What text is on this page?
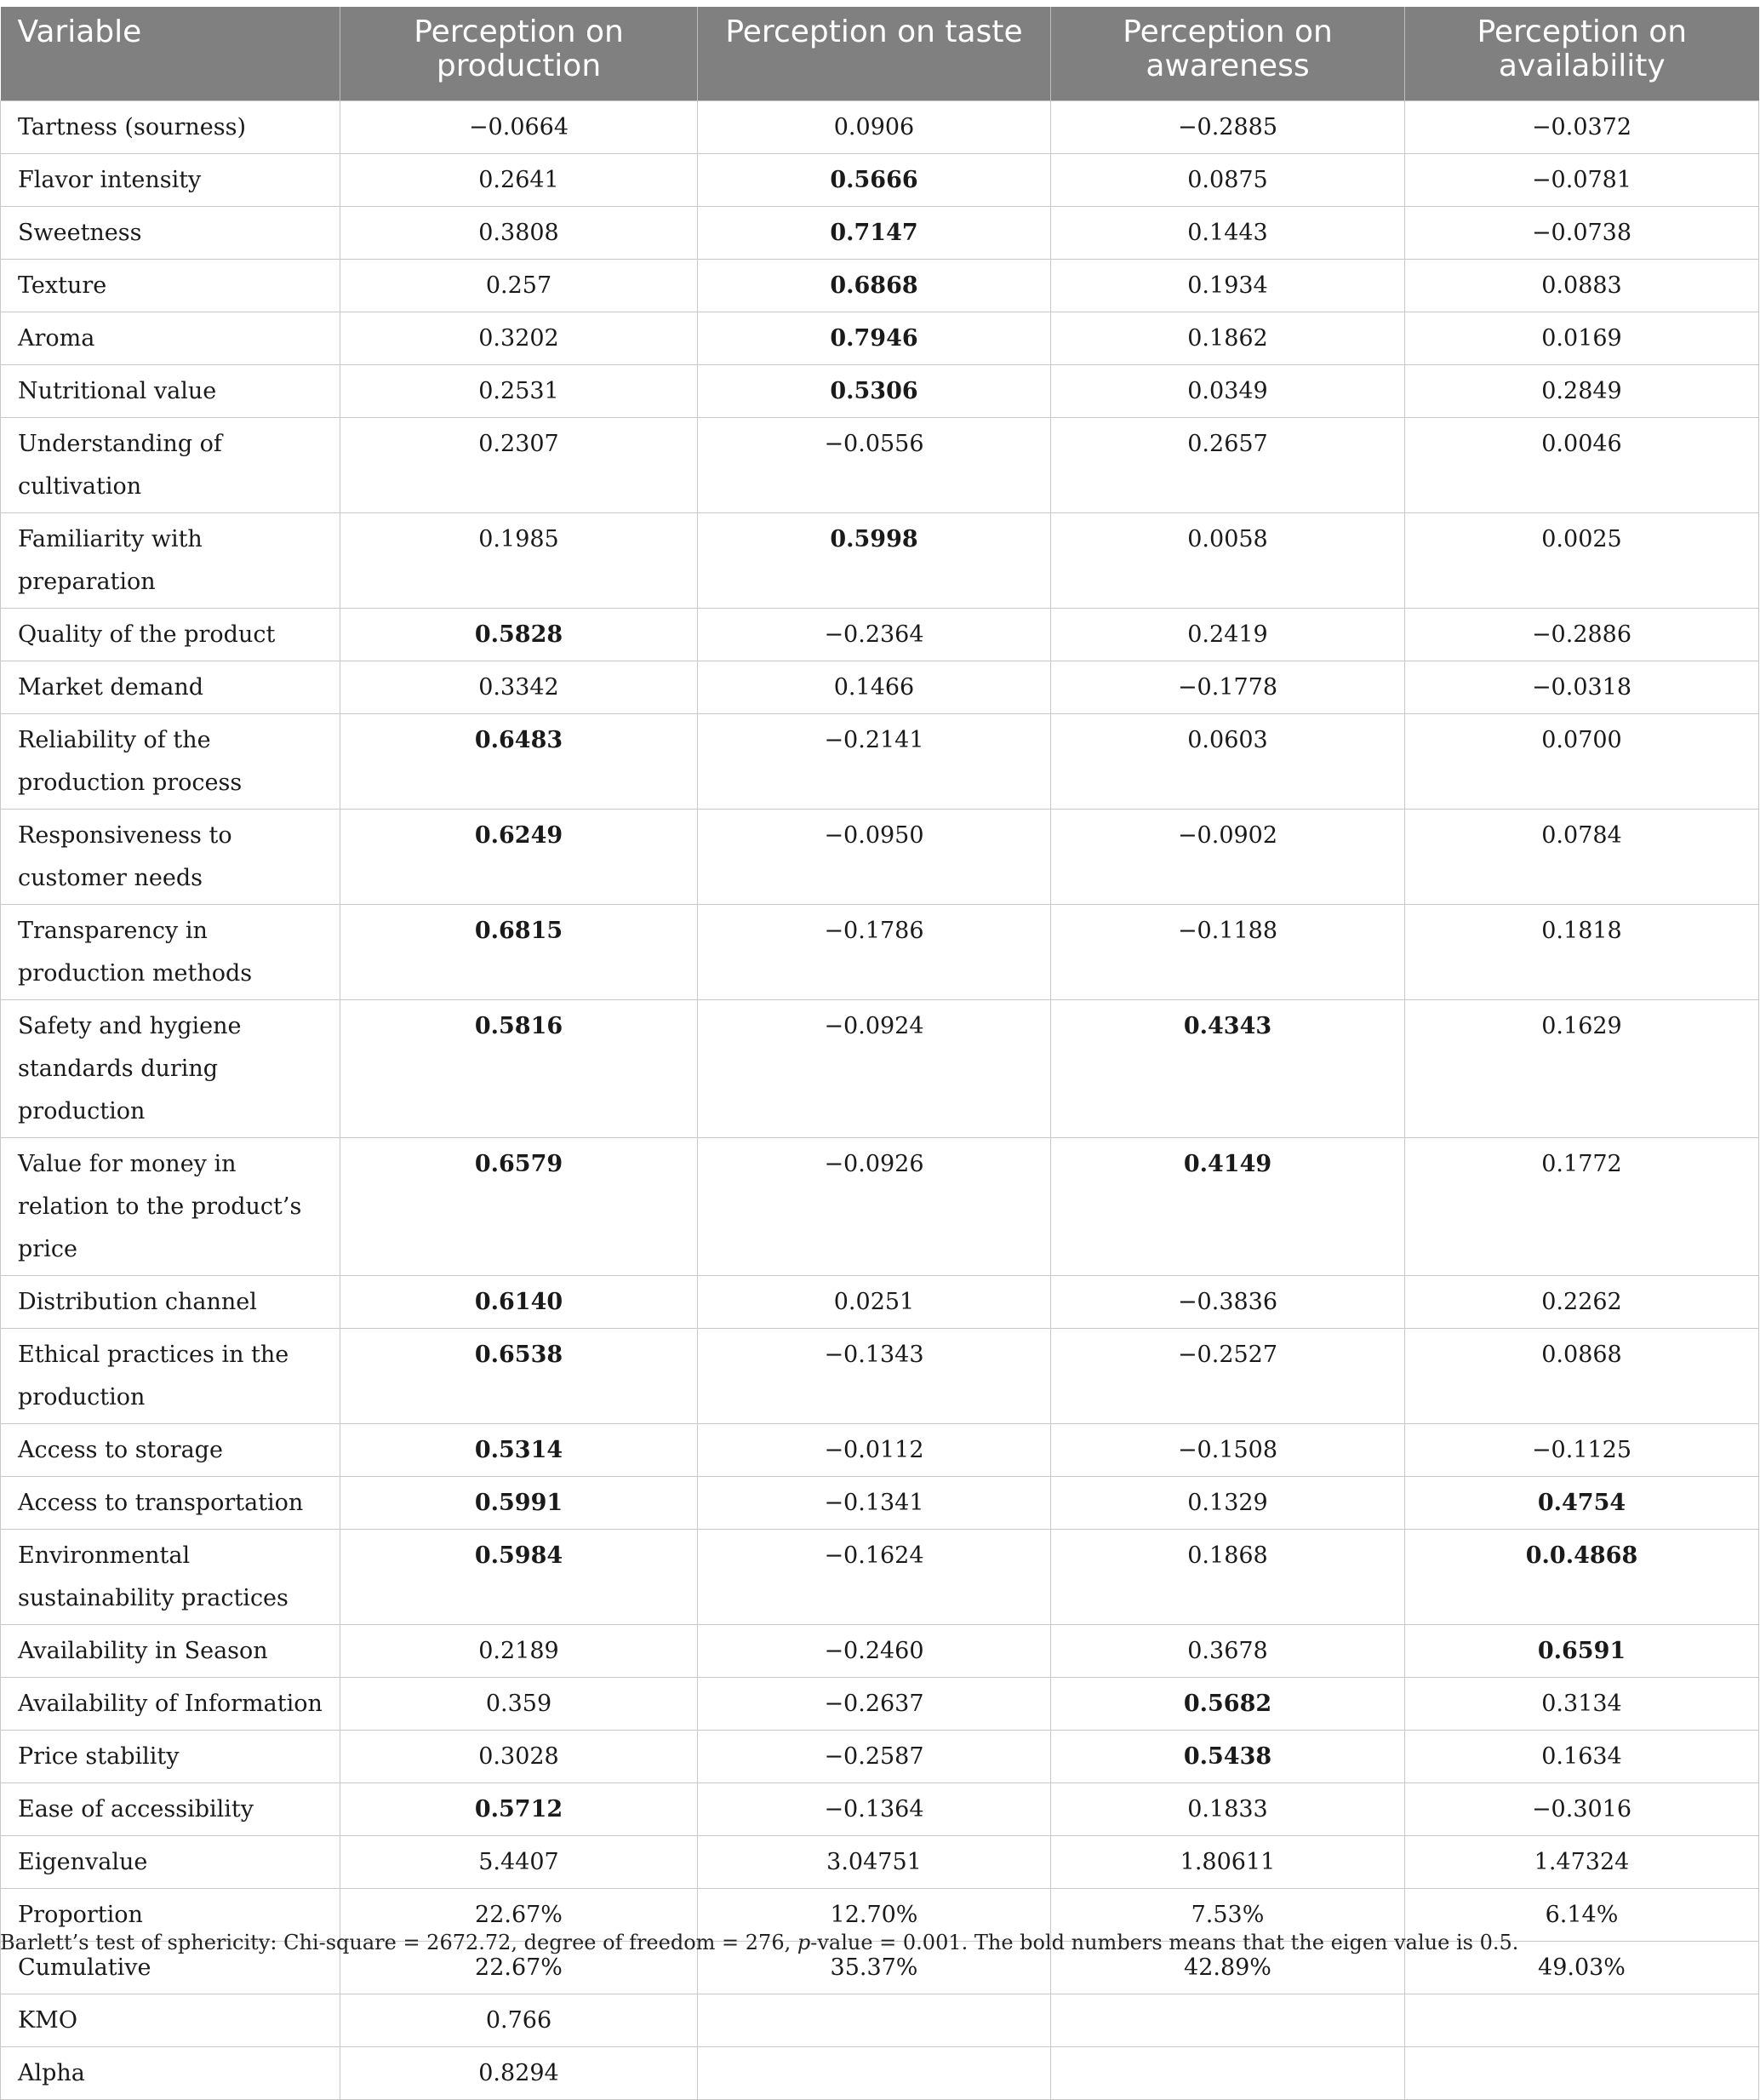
Variable	Perception on production	Perception on taste	Perception on awareness	Perception on availability
Tartness (sourness)	−0.0664	0.0906	−0.2885	−0.0372
Flavor intensity	0.2641	0.5666	0.0875	−0.0781
Sweetness	0.3808	0.7147	0.1443	−0.0738
Texture	0.257	0.6868	0.1934	0.0883
Aroma	0.3202	0.7946	0.1862	0.0169
Nutritional value	0.2531	0.5306	0.0349	0.2849
Understanding of cultivation	0.2307	−0.0556	0.2657	0.0046
Familiarity with preparation	0.1985	0.5998	0.0058	0.0025
Quality of the product	0.5828	−0.2364	0.2419	−0.2886
Market demand	0.3342	0.1466	−0.1778	−0.0318
Reliability of the production process	0.6483	−0.2141	0.0603	0.0700
Responsiveness to customer needs	0.6249	−0.0950	−0.0902	0.0784
Transparency in production methods	0.6815	−0.1786	−0.1188	0.1818
Safety and hygiene standards during production	0.5816	−0.0924	0.4343	0.1629
Value for money in relation to the product’s price	0.6579	−0.0926	0.4149	0.1772
Distribution channel	0.6140	0.0251	−0.3836	0.2262
Ethical practices in the production	0.6538	−0.1343	−0.2527	0.0868
Access to storage	0.5314	−0.0112	−0.1508	−0.1125
Access to transportation	0.5991	−0.1341	0.1329	0.4754
Environmental sustainability practices	0.5984	−0.1624	0.1868	0.0.4868
Availability in Season	0.2189	−0.2460	0.3678	0.6591
Availability of Information	0.359	−0.2637	0.5682	0.3134
Price stability	0.3028	−0.2587	0.5438	0.1634
Ease of accessibility	0.5712	−0.1364	0.1833	−0.3016
Eigenvalue	5.4407	3.04751	1.80611	1.47324
Proportion	22.67%	12.70%	7.53%	6.14%
Cumulative	22.67%	35.37%	42.89%	49.03%
KMO	0.766			
Alpha	0.8294			
Barlett’s test of sphericity: Chi-square = 2672.72, degree of freedom = 276, p-value = 0.001. The bold numbers means that the eigen value is 0.5.
